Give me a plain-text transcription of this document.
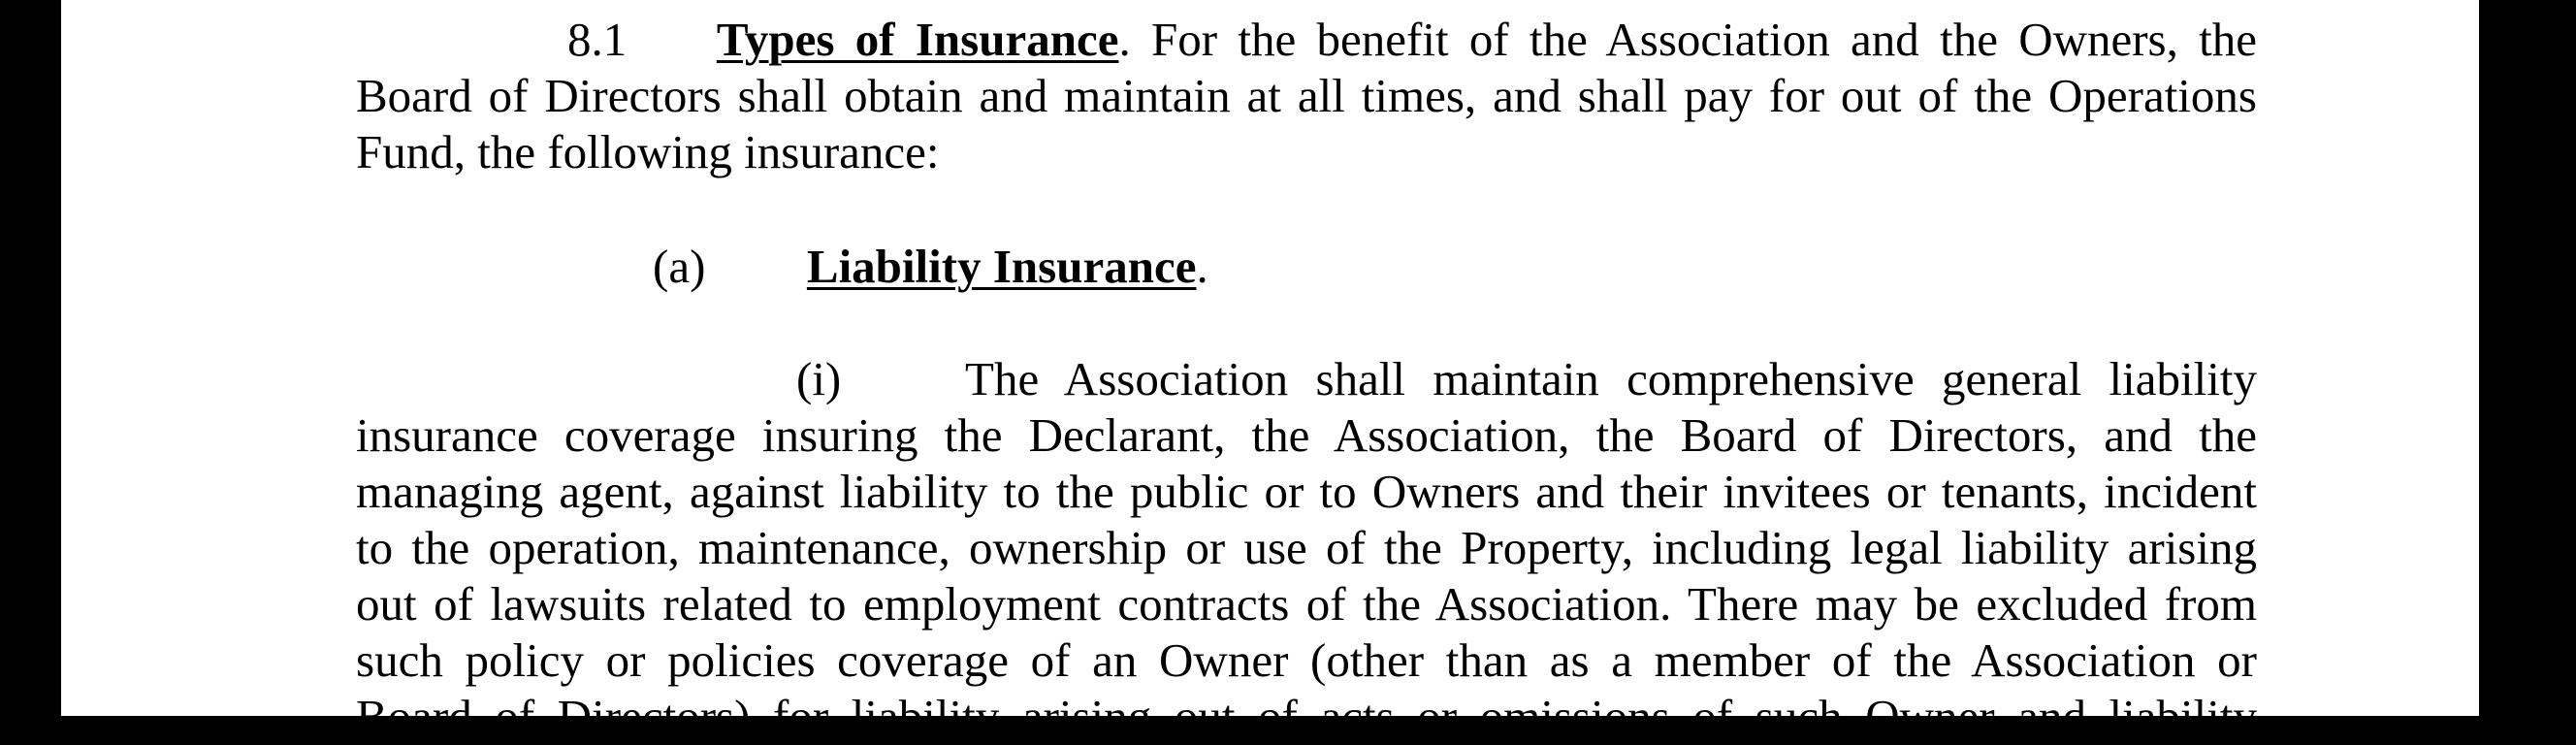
8.1 Types of Insurance. For the benefit of the Association and the Owners, the
Board of Directors shall obtain and maintain at all times, and shall pay for out of the Operations
Fund, the following insurance:
(a) Liability Insurance.
(i)	The Association shall maintain comprehensive general liability
insurance coverage insuring the Declarant, the Association, the Board of Directors, and the
managing agent, against liability to the public or to Owners and their invitees or tenants, incident
to the operation, maintenance, ownership or use of the Property, including legal liability arising
out of lawsuits related to employment contracts of the Association. There may be excluded from
such policy or policies coverage of an Owner (other than as a member of the Association or
Board of Directors) for liability arising out of acts or omissions of such Owner and liability
